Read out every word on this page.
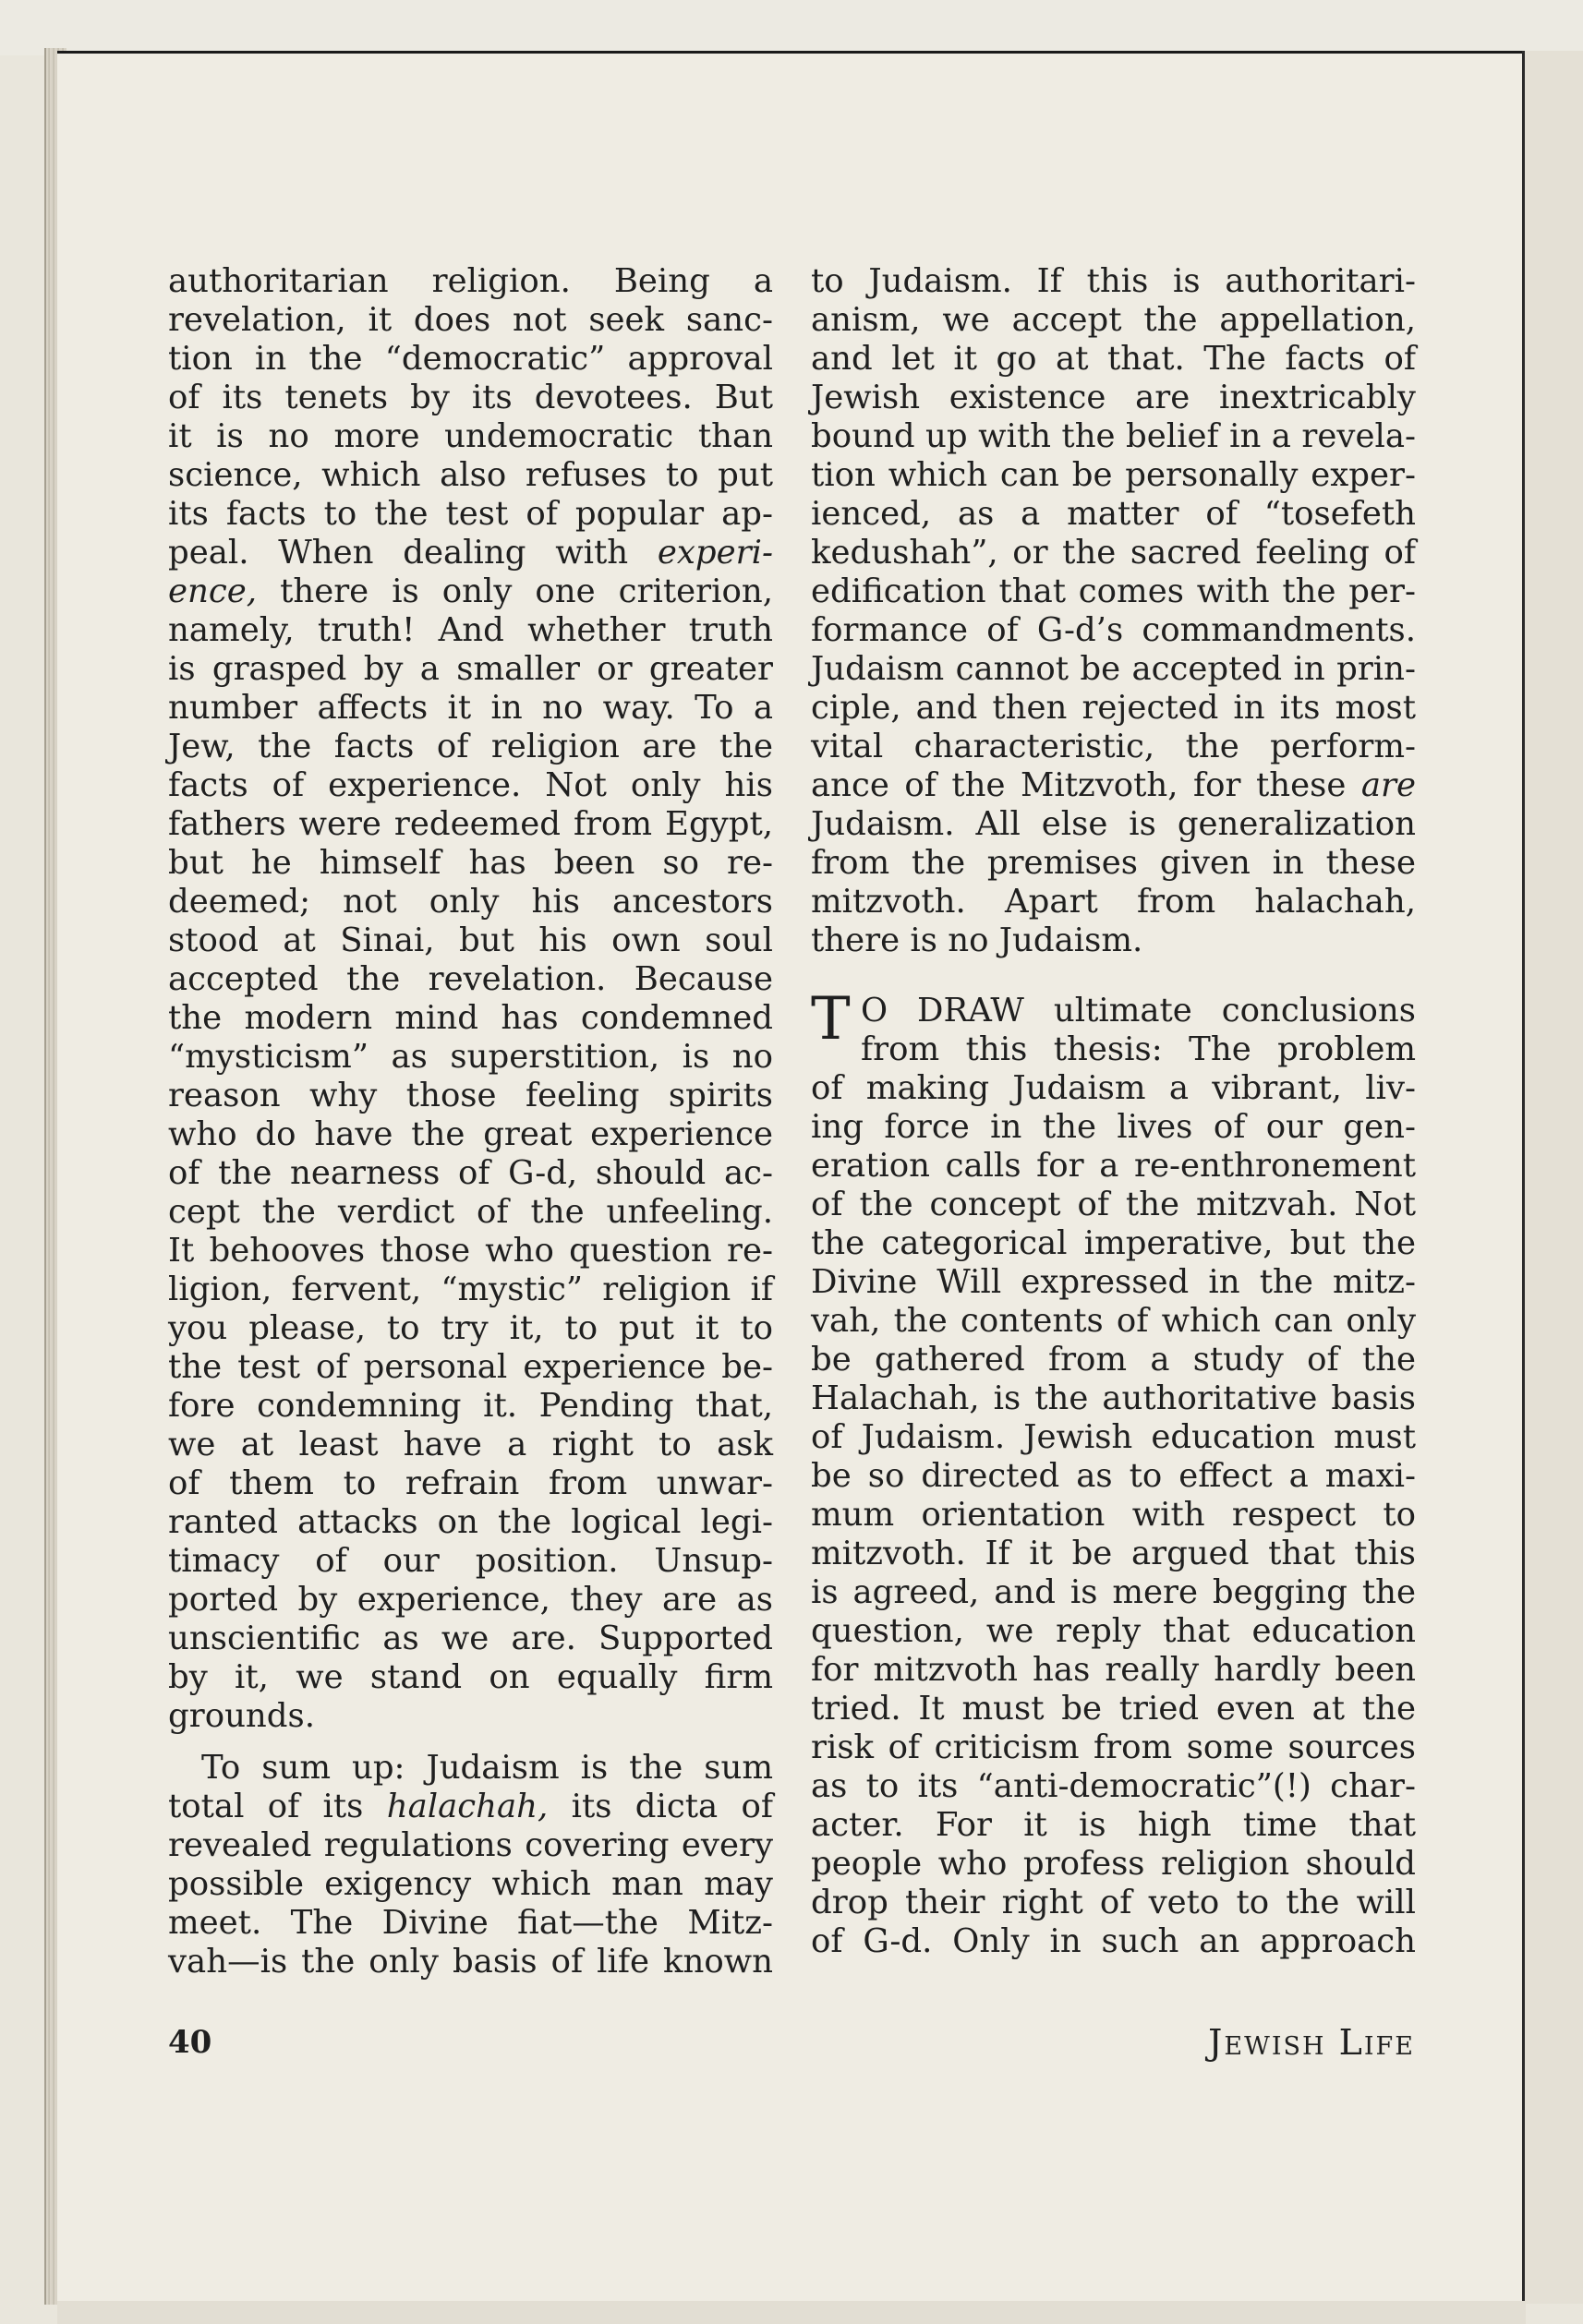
authoritarian religion. Being a
revelation, it does not seek sanc-
tion in the “democratic” approval
of its tenets by its devotees. But
it is no more undemocratic than
science, which also refuses to put
its facts to the test of popular ap-
peal. When dealing with experi-
ence, there is only one criterion,
namely, truth! And whether truth
is grasped by a smaller or greater
number affects it in no way. To a
Jew, the facts of religion are the
facts of experience. Not only his
fathers were redeemed from Egypt,
but he himself has been so re-
deemed; not only his ancestors
stood at Sinai, but his own soul
accepted the revelation. Because
the modern mind has condemned
“mysticism” as superstition, is no
reason why those feeling spirits
who do have the great experience
of the nearness of G-d, should ac-
cept the verdict of the unfeeling.
It behooves those who question re-
ligion, fervent, “mystic” religion if
you please, to try it, to put it to
the test of personal experience be-
fore condemning it. Pending that,
we at least have a right to ask
of them to refrain from unwar-
ranted attacks on the logical legi-
timacy of our position. Unsup-
ported by experience, they are as
unscientific as we are. Supported
by it, we stand on equally firm
grounds.
To sum up: Judaism is the sum
total of its halachah, its dicta of
revealed regulations covering every
possible exigency which man may
meet. The Divine fiat—the Mitz-
vah—is the only basis of life known
to Judaism. If this is authoritari-
anism, we accept the appellation,
and let it go at that. The facts of
Jewish existence are inextricably
bound up with the belief in a revela-
tion which can be personally exper-
ienced, as a matter of “tosefeth
kedushah”, or the sacred feeling of
edification that comes with the per-
formance of G-d’s commandments.
Judaism cannot be accepted in prin-
ciple, and then rejected in its most
vital characteristic, the perform-
ance of the Mitzvoth, for these are
Judaism. All else is generalization
from the premises given in these
mitzvoth. Apart from halachah,
there is no Judaism.
T O DRAW ultimate conclusions
from this thesis: The problem
of making Judaism a vibrant, liv-
ing force in the lives of our gen-
eration calls for a re-enthronement
of the concept of the mitzvah. Not
the categorical imperative, but the
Divine Will expressed in the mitz-
vah, the contents of which can only
be gathered from a study of the
Halachah, is the authoritative basis
of Judaism. Jewish education must
be so directed as to effect a maxi-
mum orientation with respect to
mitzvoth. If it be argued that this
is agreed, and is mere begging the
question, we reply that education
for mitzvoth has really hardly been
tried. It must be tried even at the
risk of criticism from some sources
as to its “anti-democratic”(!) char-
acter. For it is high time that
people who profess religion should
drop their right of veto to the will
of G-d. Only in such an approach
40	Jewish Life
